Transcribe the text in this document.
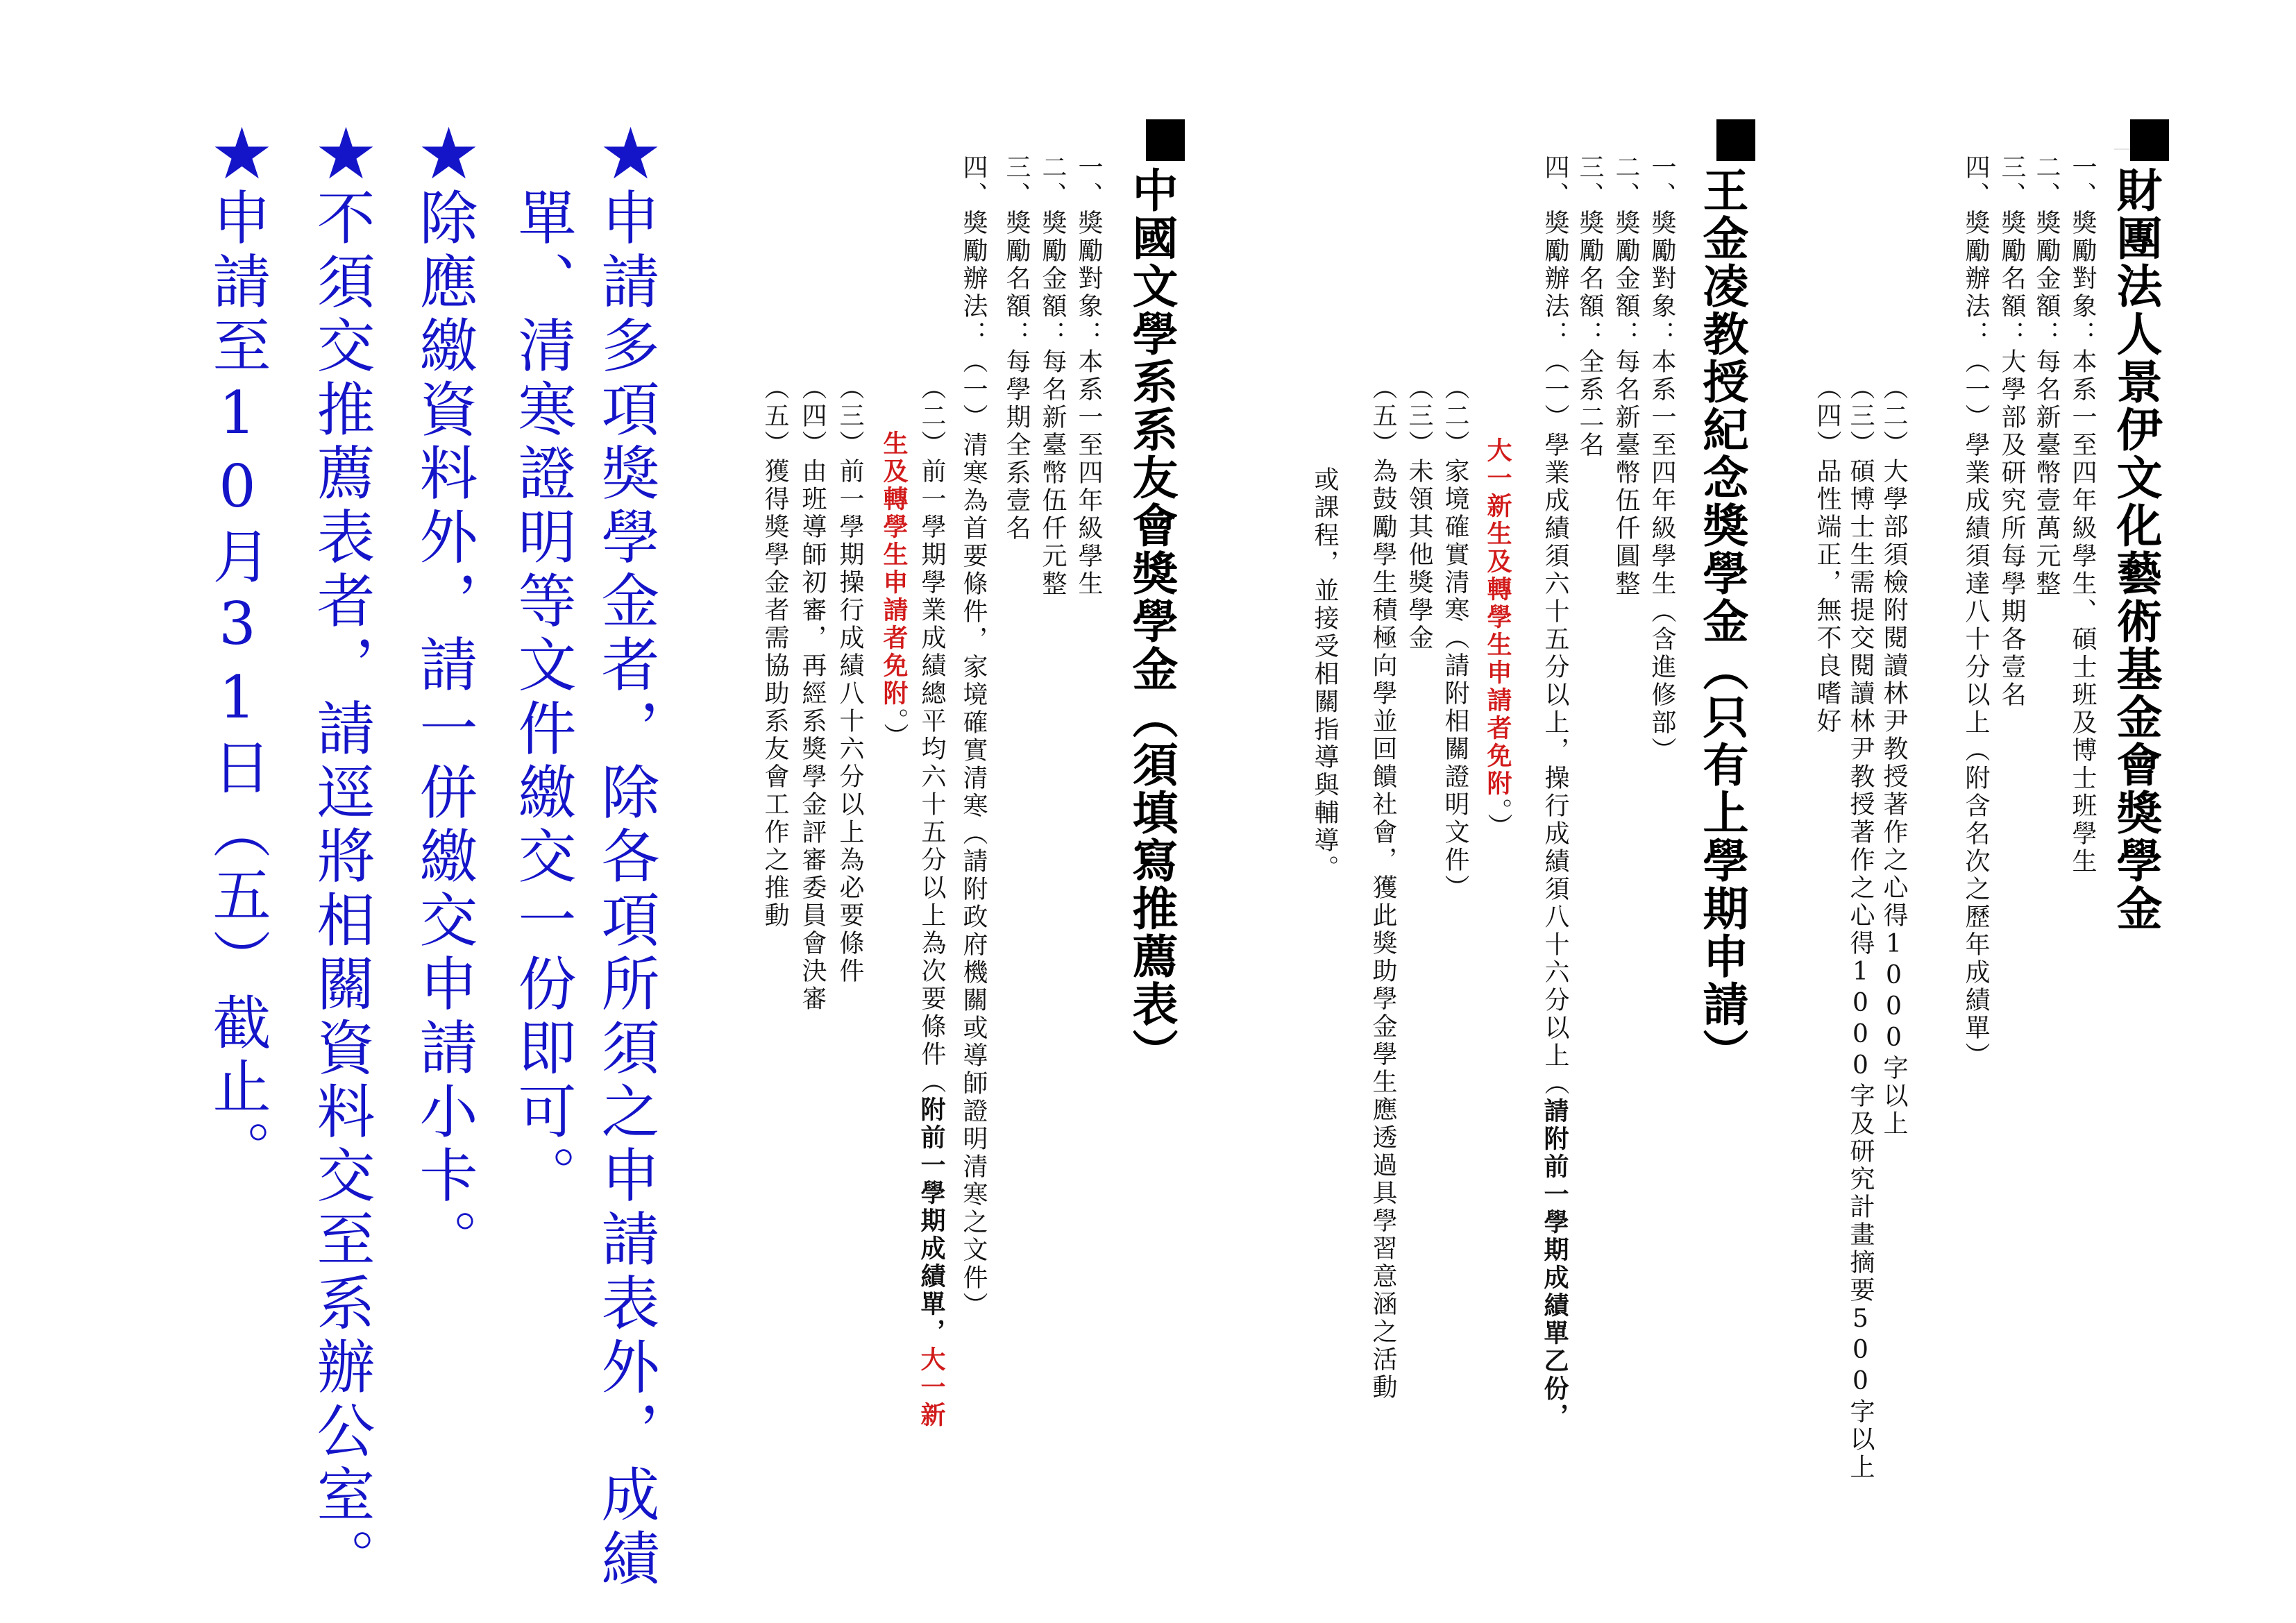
財團法人景伊文化藝術基金會獎學金
一、獎勵對象：本系一至四年級學生、碩士班及博士班學生
二、獎勵金額：每名新臺幣壹萬元整
三、獎勵名額：大學部及研究所每學期各壹名
四、獎勵辦法：（一）學業成績須達八十分以上（附含名次之歷年成績單）
（二）大學部須檢附閱讀林尹教授著作之心得1000字以上
（三）碩博士生需提交閱讀林尹教授著作之心得1000字及研究計畫摘要500字以上
（四）品性端正，無不良嗜好
王金凌教授紀念獎學金（只有上學期申請）
一、獎勵對象：本系一至四年級學生（含進修部）
二、獎勵金額：每名新臺幣伍仟圓整
三、獎勵名額：全系二名
四、獎勵辦法：（一）學業成績須六十五分以上，操行成績須八十六分以上（請附前一學期成績單乙份，
大一新生及轉學生申請者免附。）
（二）家境確實清寒（請附相關證明文件）
（三）未領其他獎學金
（五）為鼓勵學生積極向學並回饋社會，獲此獎助學金學生應透過具學習意涵之活動
或課程，並接受相關指導與輔導。
中國文學系系友會獎學金（須填寫推薦表）
一、獎勵對象：本系一至四年級學生
二、獎勵金額：每名新臺幣伍仟元整
三、獎勵名額：每學期全系壹名
四、獎勵辦法：（一）清寒為首要條件，家境確實清寒（請附政府機關或導師證明清寒之文件）
（二）前一學期學業成績總平均六十五分以上為次要條件（附前一學期成績單，大一新
生及轉學生申請者免附。）
（三）前一學期操行成績八十六分以上為必要條件
（四）由班導師初審，再經系獎學金評審委員會決審
（五）獲得獎學金者需協助系友會工作之推動
★申請多項獎學金者，除各項所須之申請表外，成績
單、清寒證明等文件繳交一份即可。
★除應繳資料外，請一併繳交申請小卡。
★不須交推薦表者，請逕將相關資料交至系辦公室。
★申請至10月31日（五）截止。
